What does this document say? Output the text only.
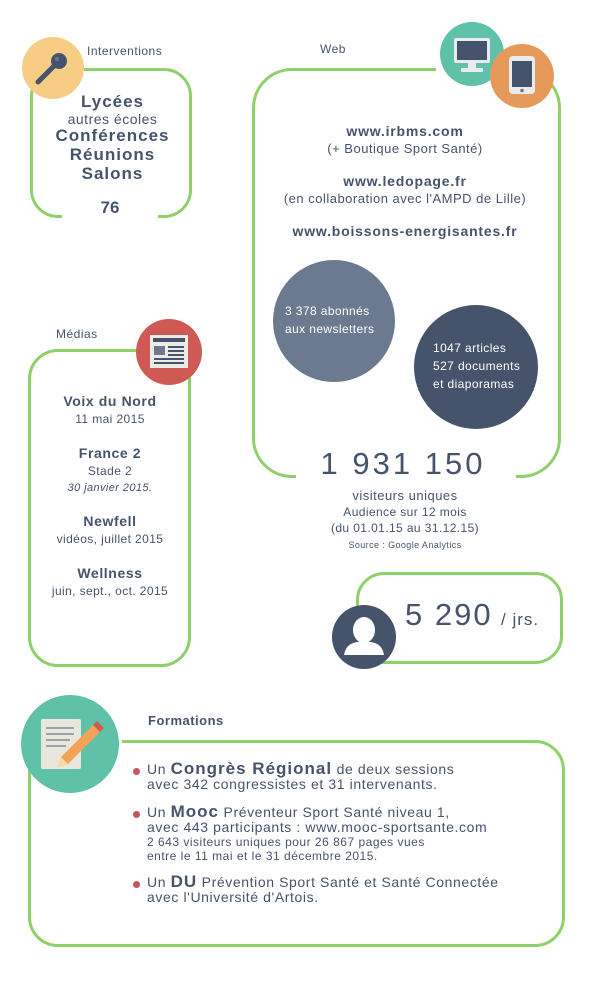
Interventions
Lycées
autres écoles
Conférences
Réunions
Salons
76
Web
www.irbms.com
(+ Boutique Sport Santé)
www.ledopage.fr
(en collaboration avec l'AMPD de Lille)
www.boissons-energisantes.fr
3 378 abonnés
aux newsletters
1047 articles
527 documents
et diaporamas
1 931 150
visiteurs uniques
Audience sur 12 mois
(du 01.01.15 au 31.12.15)
Source : Google Analytics
5 290 / jrs.
Médias
Voix du Nord
11 mai 2015
France 2
Stade 2
30 janvier 2015.
Newfell
vidéos, juillet 2015
Wellness
juin, sept., oct. 2015
Formations
Un Congrès Régional de deux sessions
avec 342 congressistes et 31 intervenants.
Un Mooc Préventeur Sport Santé niveau 1,
avec 443 participants : www.mooc-sportsante.com
2 643 visiteurs uniques pour 26 867 pages vues
entre le 11 mai et le 31 décembre 2015.
Un DU Prévention Sport Santé et Santé Connectée
avec l'Université d'Artois.
